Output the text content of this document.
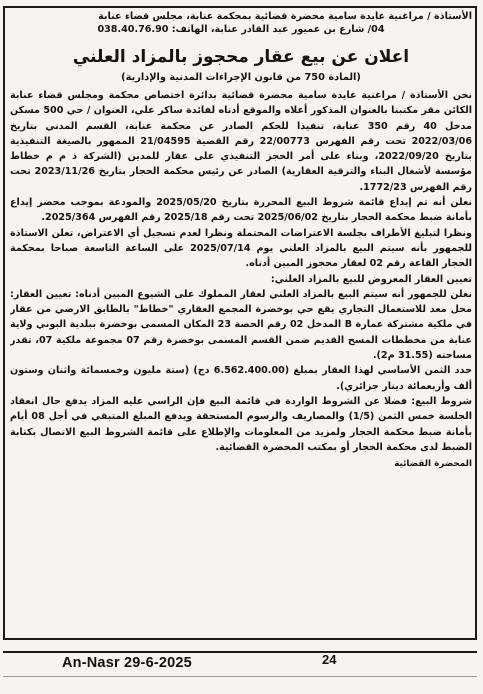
الأستاذة / مراغنية عايدة سامية محضرة قضائية بمحكمة عنابة، مجلس قضاء عنابة

04/ شارع بن عميور عبد القادر عنابة، الهاتف: 038.40.76.90

اعلان عن بيع عقار محجوز بالمزاد العلني
(المادة 750 من قانون الإجراءات المدنية والإدارية)

نحن الأستاذة / مراغنية عايدة سامية محضرة قضائية بدائرة اختصاص محكمة ومجلس قضاء عنابة الكائن مقر مكتبنا بالعنوان المذكور أعلاه والموقع أدناه لفائدة ساكر علي، العنوان / حي 500 مسكن مدخل 40 رقم 350 عنابة، تنفيذا للحكم الصادر عن محكمة عنابة، القسم المدني بتاريخ 2022/03/06 تحت رقم الفهرس 22/00773 رقم القضية 21/04595 الممهور بالصيغة التنفيذية بتاريخ 2022/09/20، وبناء على أمر الحجز التنفيذي على عقار للمدين (الشركة ذ م م خطاط مؤسسة لأشغال البناء والترقية العقارية) الصادر عن رئيس محكمة الحجار بتاريخ 2023/11/26 تحت رقم الفهرس 1772/23.

نعلن أنه تم إيداع قائمة شروط البيع المحررة بتاريخ 2025/05/20 والمودعة بموجب محضر إيداع بأمانة ضبط محكمة الحجار بتاريخ 2025/06/02 تحت رقم 2025/18 رقم الفهرس 2025/364.

ونظرا لتبليغ الأطراف بجلسة الاعتراضات المحتملة ونظرا لعدم تسجيل أي الاعتراض، تعلن الاستاذة للجمهور بأنه سيتم البيع بالمزاد العلني يوم 2025/07/14 على الساعة التاسعة صباحا بمحكمة الحجار القاعة رقم 02 لعقار محجوز المبين أدناه.

تعيين العقار المعروض للبيع بالمزاد العلني:

نعلن للجمهور أنه سيتم البيع بالمزاد العلني لعقار المملوك على الشيوع المبين أدناه: تعيين العقار: محل معد للاستعمال التجاري يقع حي بوخضرة المجمع العقاري "خطاط" بالطابق الارضي من عقار في ملكية مشتركة عمارة B المدخل 02 رقم الحصة 23 المكان المسمى بوخضرة ببلدية البوني ولاية عنابة من مخططات المسح القديم ضمن القسم المسمى بوخضرة رقم 07 مجموعة ملكية 07، تقدر مساحته (31.55 م2).

حدد الثمن الأساسي لهذا العقار بمبلغ (6.562.400.00 دج) (ستة مليون وخمسمائة واثنان وستون ألف وأربعمائة دينار جزائري).

شروط البيع: فضلا عن الشروط الواردة في قائمة البيع فإن الراسي عليه المزاد يدفع حال انعقاد الجلسة خمس الثمن (1/5) والمصاريف والرسوم المستحقة ويدفع المبلغ المتبقي في أجل 08 أيام بأمانة ضبط محكمة الحجار ولمزيد من المعلومات والإطلاع على قائمة الشروط البيع الاتصال بكتابة الضبط لدى محكمة الحجار أو بمكتب المحضرة القضائية.

المحضرة القضائية

An-Nasr 29-6-2025	24
